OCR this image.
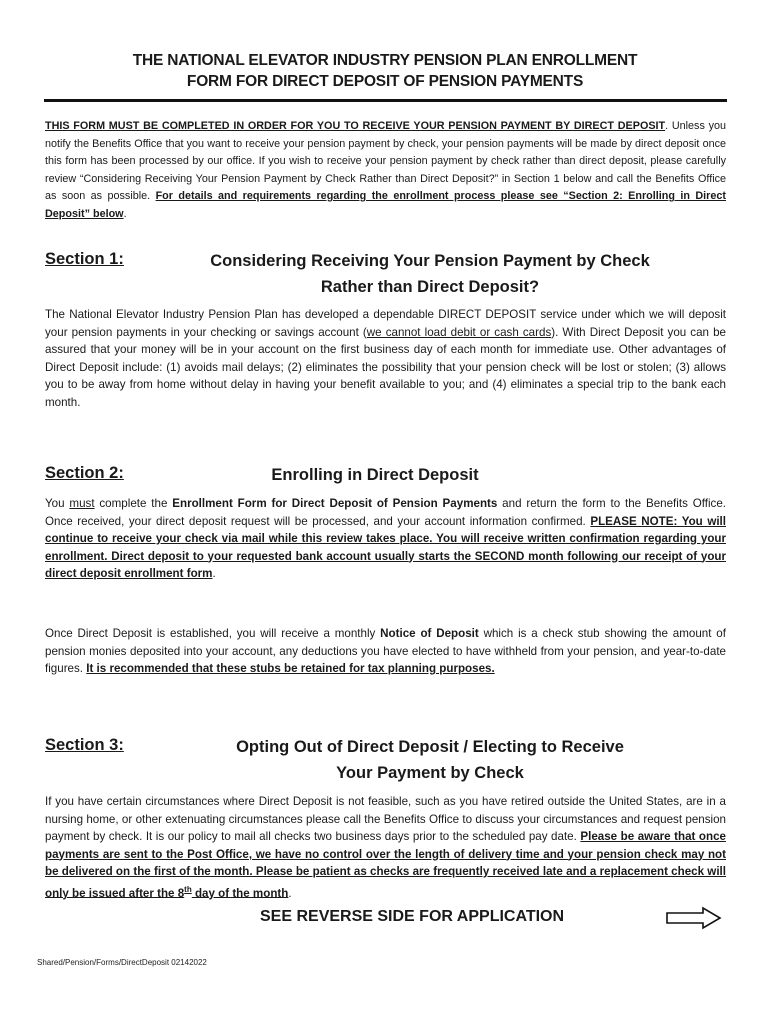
THE NATIONAL ELEVATOR INDUSTRY PENSION PLAN ENROLLMENT
FORM FOR DIRECT DEPOSIT OF PENSION PAYMENTS
THIS FORM MUST BE COMPLETED IN ORDER FOR YOU TO RECEIVE YOUR PENSION PAYMENT BY DIRECT DEPOSIT. Unless you notify the Benefits Office that you want to receive your pension payment by check, your pension payments will be made by direct deposit once this form has been processed by our office. If you wish to receive your pension payment by check rather than direct deposit, please carefully review “Considering Receiving Your Pension Payment by Check Rather than Direct Deposit?” in Section 1 below and call the Benefits Office as soon as possible. For details and requirements regarding the enrollment process please see “Section 2: Enrolling in Direct Deposit” below.
Section 1:	Considering Receiving Your Pension Payment by Check
Rather than Direct Deposit?
The National Elevator Industry Pension Plan has developed a dependable DIRECT DEPOSIT service under which we will deposit your pension payments in your checking or savings account (we cannot load debit or cash cards). With Direct Deposit you can be assured that your money will be in your account on the first business day of each month for immediate use. Other advantages of Direct Deposit include: (1) avoids mail delays; (2) eliminates the possibility that your pension check will be lost or stolen; (3) allows you to be away from home without delay in having your benefit available to you; and (4) eliminates a special trip to the bank each month.
Section 2:	Enrolling in Direct Deposit
You must complete the Enrollment Form for Direct Deposit of Pension Payments and return the form to the Benefits Office. Once received, your direct deposit request will be processed, and your account information confirmed. PLEASE NOTE: You will continue to receive your check via mail while this review takes place. You will receive written confirmation regarding your enrollment. Direct deposit to your requested bank account usually starts the SECOND month following our receipt of your direct deposit enrollment form.
Once Direct Deposit is established, you will receive a monthly Notice of Deposit which is a check stub showing the amount of pension monies deposited into your account, any deductions you have elected to have withheld from your pension, and year-to-date figures. It is recommended that these stubs be retained for tax planning purposes.
Section 3:	Opting Out of Direct Deposit / Electing to Receive
Your Payment by Check
If you have certain circumstances where Direct Deposit is not feasible, such as you have retired outside the United States, are in a nursing home, or other extenuating circumstances please call the Benefits Office to discuss your circumstances and request pension payment by check. It is our policy to mail all checks two business days prior to the scheduled pay date. Please be aware that once payments are sent to the Post Office, we have no control over the length of delivery time and your pension check may not be delivered on the first of the month. Please be patient as checks are frequently received late and a replacement check will only be issued after the 8th day of the month.
SEE REVERSE SIDE FOR APPLICATION
Shared/Pension/Forms/DirectDeposit 02142022
